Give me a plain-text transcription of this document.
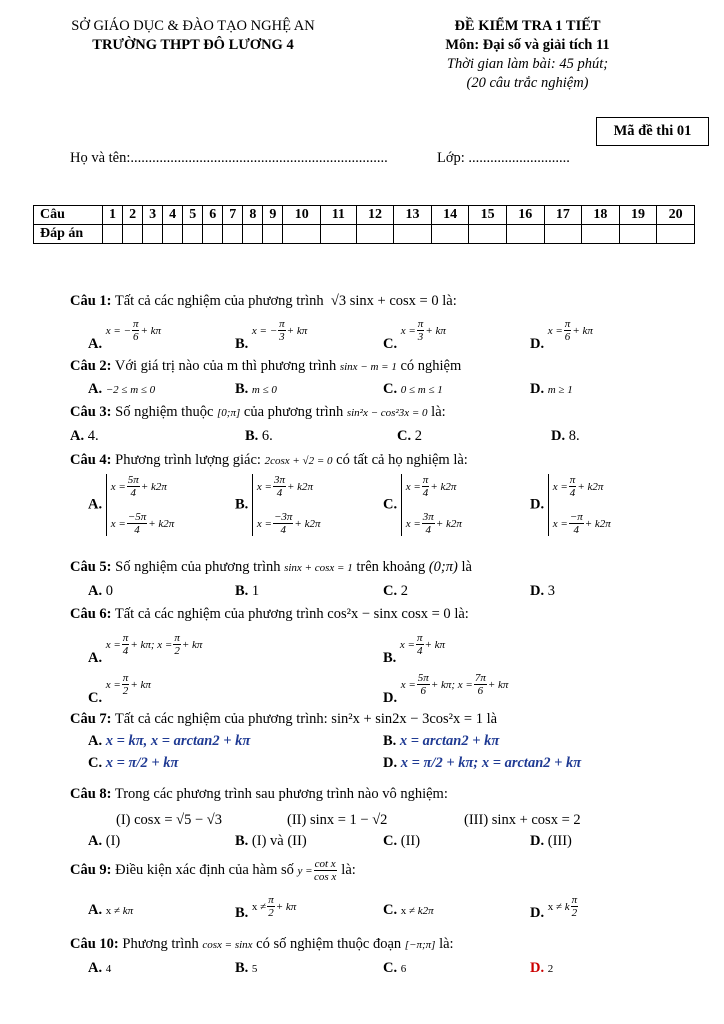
SỞ GIÁO DỤC & ĐÀO TẠO NGHỆ AN
TRƯỜNG THPT ĐÔ LƯƠNG 4
ĐỀ KIỂM TRA 1 TIẾT
Môn: Đại số và giải tích 11
Thời gian làm bài: 45 phút;
(20 câu trắc nghiệm)
Mã đề thi 01
Họ và tên:.......................................................................	Lớp: ............................
Câu	1	2	3	4	5	6	7	8	9	10	11	12	13	14	15	16	17	18	19	20
Đáp án																				
Câu 1: Tất cả các nghiệm của phương trình  √3 sinx + cosx = 0 là:
A. x = − $\frac{\pi}{6} + k\pi$
B. x = − $\frac{\pi}{3} + k\pi$
C. $x = \frac{\pi}{3} + k\pi$
D. $x = \frac{\pi}{6} + k\pi$
Câu 2: Với giá trị nào của m thì phương trình sinx − m = 1 có nghiệm
A. −2 ≤ m ≤ 0	B. m ≤ 0	C. 0 ≤ m ≤ 1	D. m ≥ 1
Câu 3: Số nghiệm thuộc [0;π] của phương trình sin²x − cos²3x = 0 là:
A. 4.	B. 6.	C. 2	D. 8.
Câu 4: Phương trình lượng giác: 2cosx + √2 = 0 có tất cả họ nghiệm là:
A.
$x = \frac{5\pi}{4} + k2\pi$
$x = \frac{-5\pi}{4} + k2\pi$
B.
$x = \frac{3\pi}{4} + k2\pi$
$x = \frac{-3\pi}{4} + k2\pi$
C.
$x = \frac{\pi}{4} + k2\pi$
$x = \frac{3\pi}{4} + k2\pi$
D.
$x = \frac{\pi}{4} + k2\pi$
$x = \frac{-\pi}{4} + k2\pi$
Câu 5: Số nghiệm của phương trình sinx + cosx = 1 trên khoảng (0;π) là
A. 0	B. 1	C. 2	D. 3
Câu 6: Tất cả các nghiệm của phương trình cos²x − sinx cosx = 0 là:
A. $x = \frac{\pi}{4} + k\pi$; $x = \frac{\pi}{2} + k\pi$
B. $x = \frac{\pi}{4} + k\pi$
C. $x = \frac{\pi}{2} + k\pi$
D. $x = \frac{5\pi}{6} + k\pi$; $x = \frac{7\pi}{6} + k\pi$
Câu 7: Tất cả các nghiệm của phương trình: sin²x + sin2x − 3cos²x = 1 là
A. x = kπ, x = arctan2 + kπ	B. x = arctan2 + kπ
C. x = π/2 + kπ	D. x = π/2 + kπ; x = arctan2 + kπ
Câu 8: Trong các phương trình sau phương trình nào vô nghiệm:
(I) cosx = √5 − √3	(II) sinx = 1 − √2	(III) sinx + cosx = 2
A. (I)	B. (I) và (II)	C. (II)	D. (III)
Câu 9: Điều kiện xác định của hàm số $y = \frac{\text{cot x}}{\text{cos x}}$ là:
A. x ≠ kπ	B. $x \ne \frac{\pi}{2} + k\pi$	C. x ≠ k2π	D. x ≠ k $\frac{\pi}{2}$
Câu 10: Phương trình cosx = sinx có số nghiệm thuộc đoạn [−π;π] là:
A. 4	B. 5	C. 6	D. 2
